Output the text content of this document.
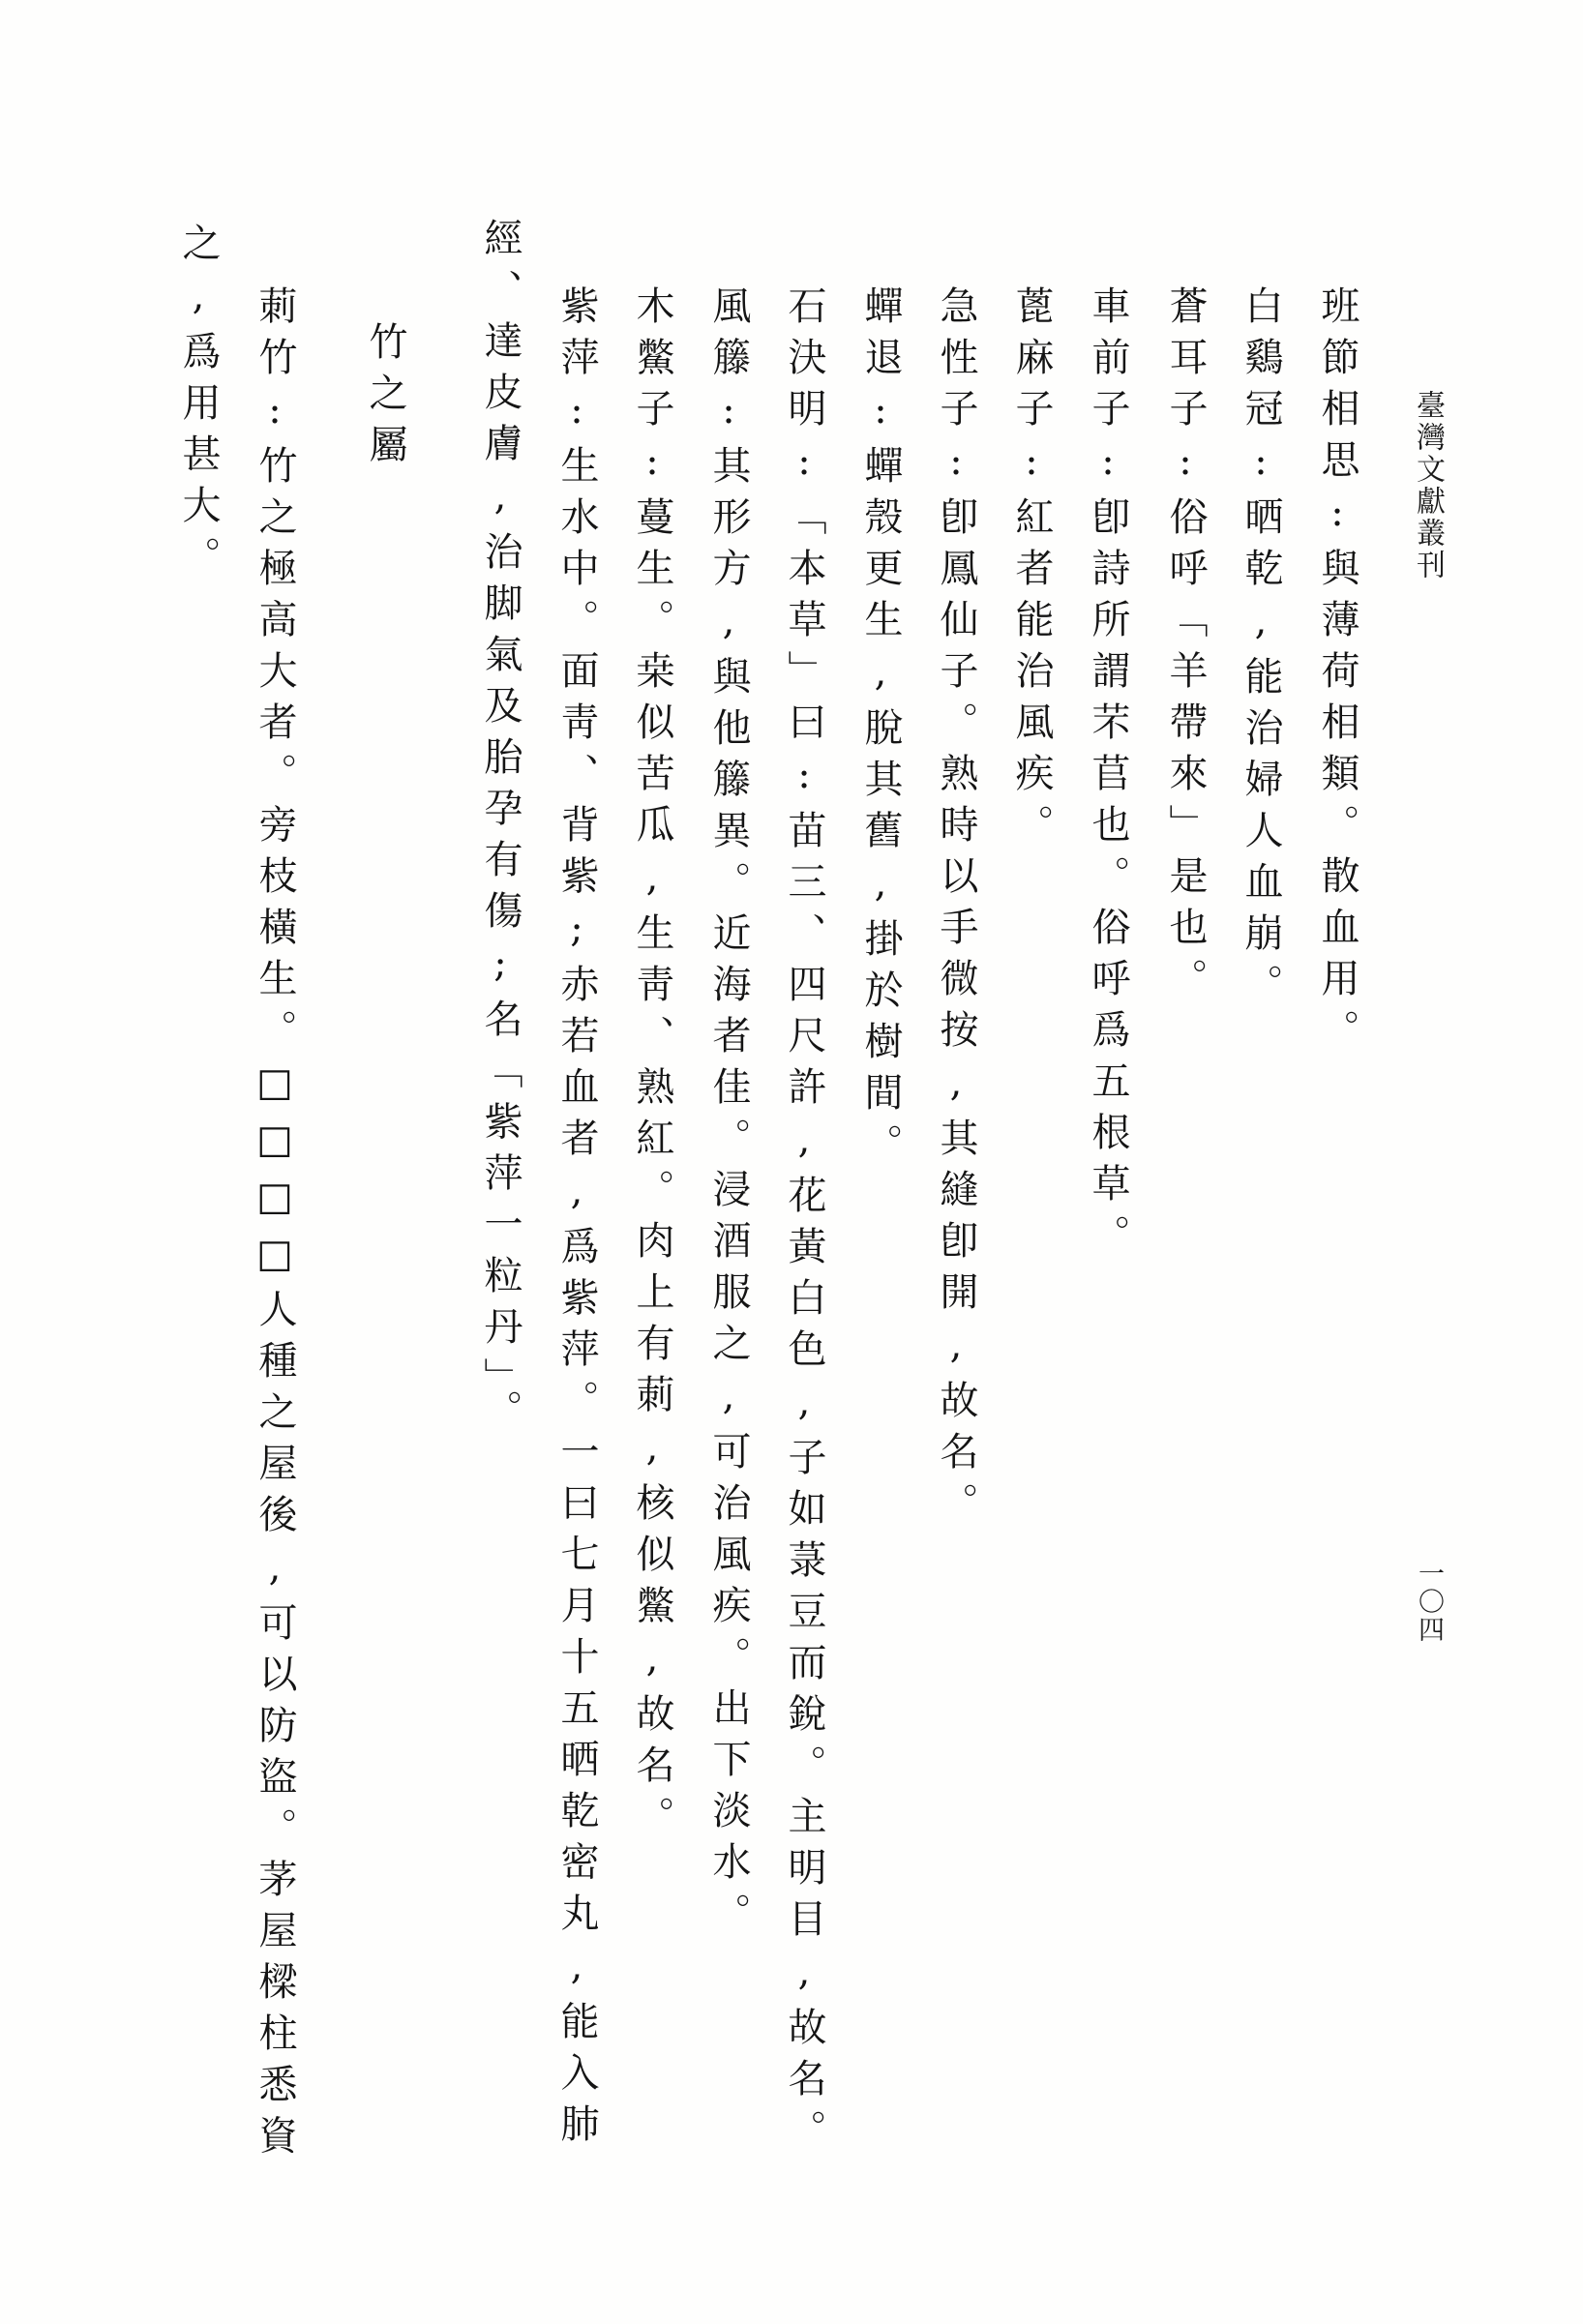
臺灣文獻叢刊
一〇四
班節相思:與薄荷相類。散血用。
白鷄冠:晒乾,能治婦人血崩。
蒼耳子:俗呼「羊帶來」是也。
車前子:卽詩所謂芣苢也。俗呼爲五根草。
蓖麻子:紅者能治風疾。
急性子:卽鳳仙子。熟時以手微按,其縫卽開,故名。
蟬退:蟬殼更生,脫其舊,掛於樹間。
石決明:「本草」曰:苗三、四尺許,花黃白色,子如菉豆而銳。主明目,故名。
風籐:其形方,與他籐異。近海者佳。浸酒服之,可治風疾。出下淡水。
木鱉子:蔓生。桒似苦瓜,生靑、熟紅。肉上有莿,核似鱉,故名。
紫萍:生水中。面靑、背紫;赤若血者,爲紫萍。一曰七月十五晒乾密丸,能入肺
經、達皮膚,治脚氣及胎孕有傷;名「紫萍一粒丹」。
竹之屬
莿竹:竹之極高大者。旁枝橫生。□□□□人種之屋後,可以防盜。茅屋樑柱悉資
之,爲用甚大。
